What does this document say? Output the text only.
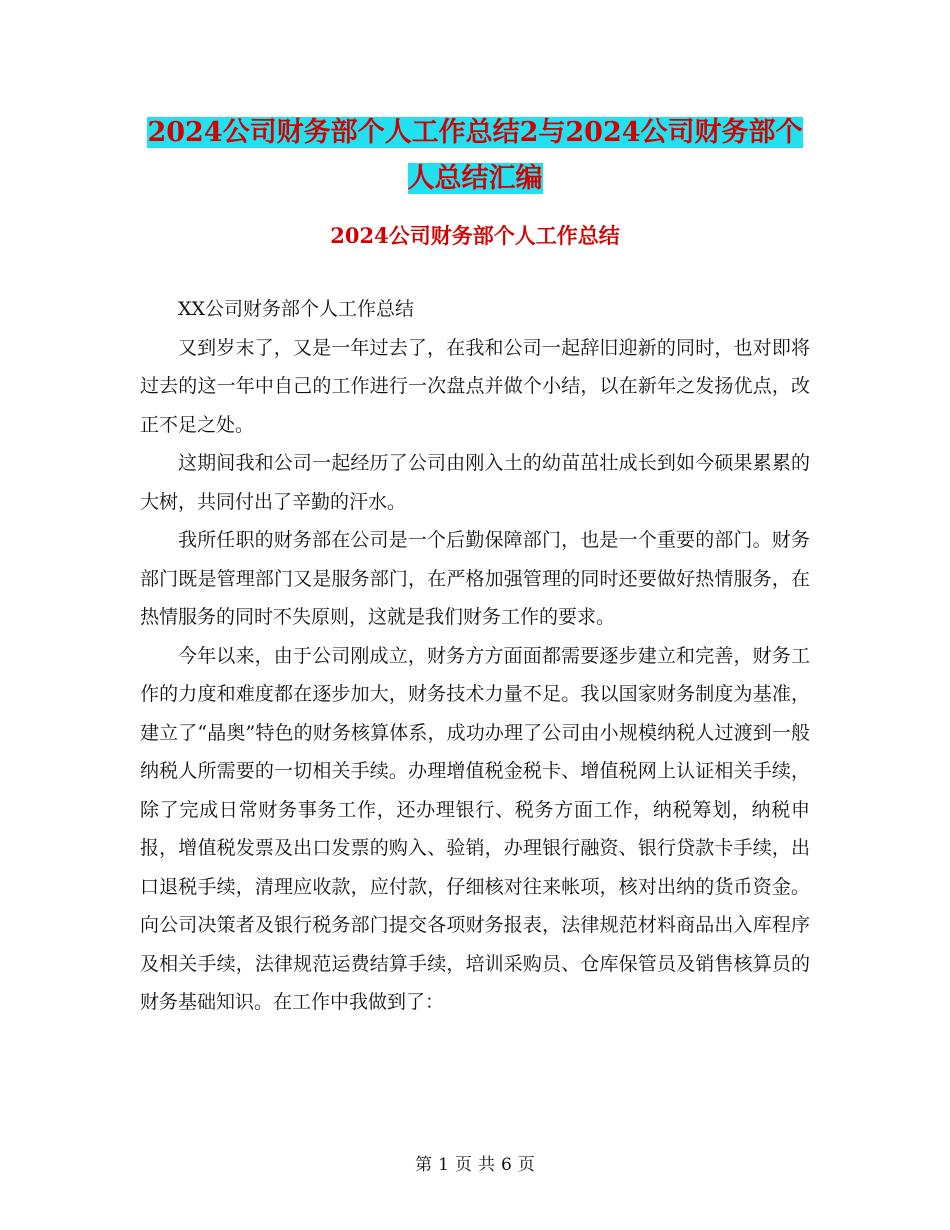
2024公司财务部个人工作总结2与2024公司财务部个人总结汇编
2024公司财务部个人工作总结

XX公司财务部个人工作总结

又到岁末了，又是一年过去了，在我和公司一起辞旧迎新的同时，也对即将过去的这一年中自己的工作进行一次盘点并做个小结，以在新年之发扬优点，改正不足之处。

这期间我和公司一起经历了公司由刚入土的幼苗茁壮成长到如今硕果累累的大树，共同付出了辛勤的汗水。

我所任职的财务部在公司是一个后勤保障部门，也是一个重要的部门。财务部门既是管理部门又是服务部门，在严格加强管理的同时还要做好热情服务，在热情服务的同时不失原则，这就是我们财务工作的要求。

今年以来，由于公司刚成立，财务方方面面都需要逐步建立和完善，财务工作的力度和难度都在逐步加大，财务技术力量不足。我以国家财务制度为基准，建立了“晶奥”特色的财务核算体系，成功办理了公司由小规模纳税人过渡到一般纳税人所需要的一切相关手续。办理增值税金税卡、增值税网上认证相关手续，除了完成日常财务事务工作，还办理银行、税务方面工作，纳税筹划，纳税申报，增值税发票及出口发票的购入、验销，办理银行融资、银行贷款卡手续，出口退税手续，清理应收款，应付款，仔细核对往来帐项，核对出纳的货币资金。向公司决策者及银行税务部门提交各项财务报表，法律规范材料商品出入库程序及相关手续，法律规范运费结算手续，培训采购员、仓库保管员及销售核算员的财务基础知识。在工作中我做到了：

第 1 页 共 6 页
